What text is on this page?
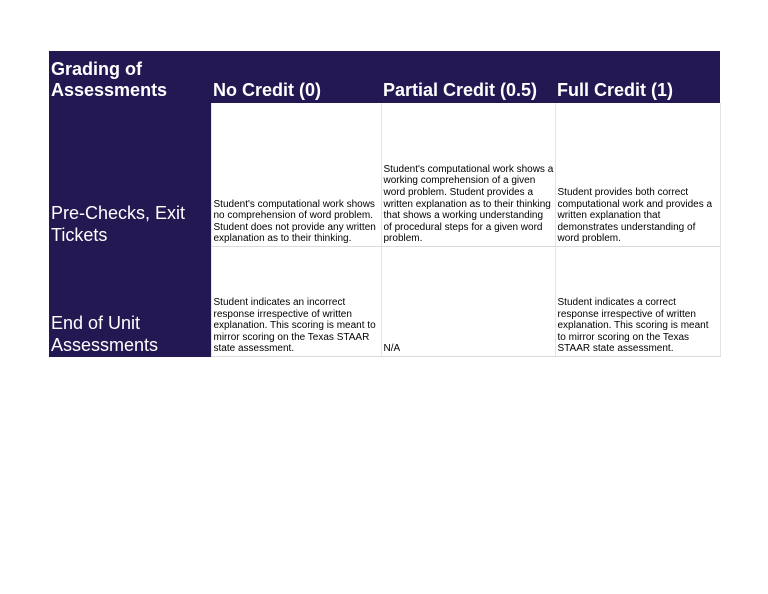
Grading of Assessments	No Credit (0)	Partial Credit (0.5)	Full Credit (1)
Pre-Checks, Exit Tickets	Student's computational work shows no comprehension of word problem. Student does not provide any written explanation as to their thinking.	Student's computational work shows a working comprehension of a given word problem. Student provides a written explanation as to their thinking that shows a working understanding of procedural steps for a given word problem.	Student provides both correct computational work and provides a written explanation that demonstrates understanding of word problem.
End of Unit Assessments	Student indicates an incorrect response irrespective of written explanation. This scoring is meant to mirror scoring on the Texas STAAR state assessment.	N/A	Student indicates a correct response irrespective of written explanation. This scoring is meant to mirror scoring on the Texas STAAR state assessment.
